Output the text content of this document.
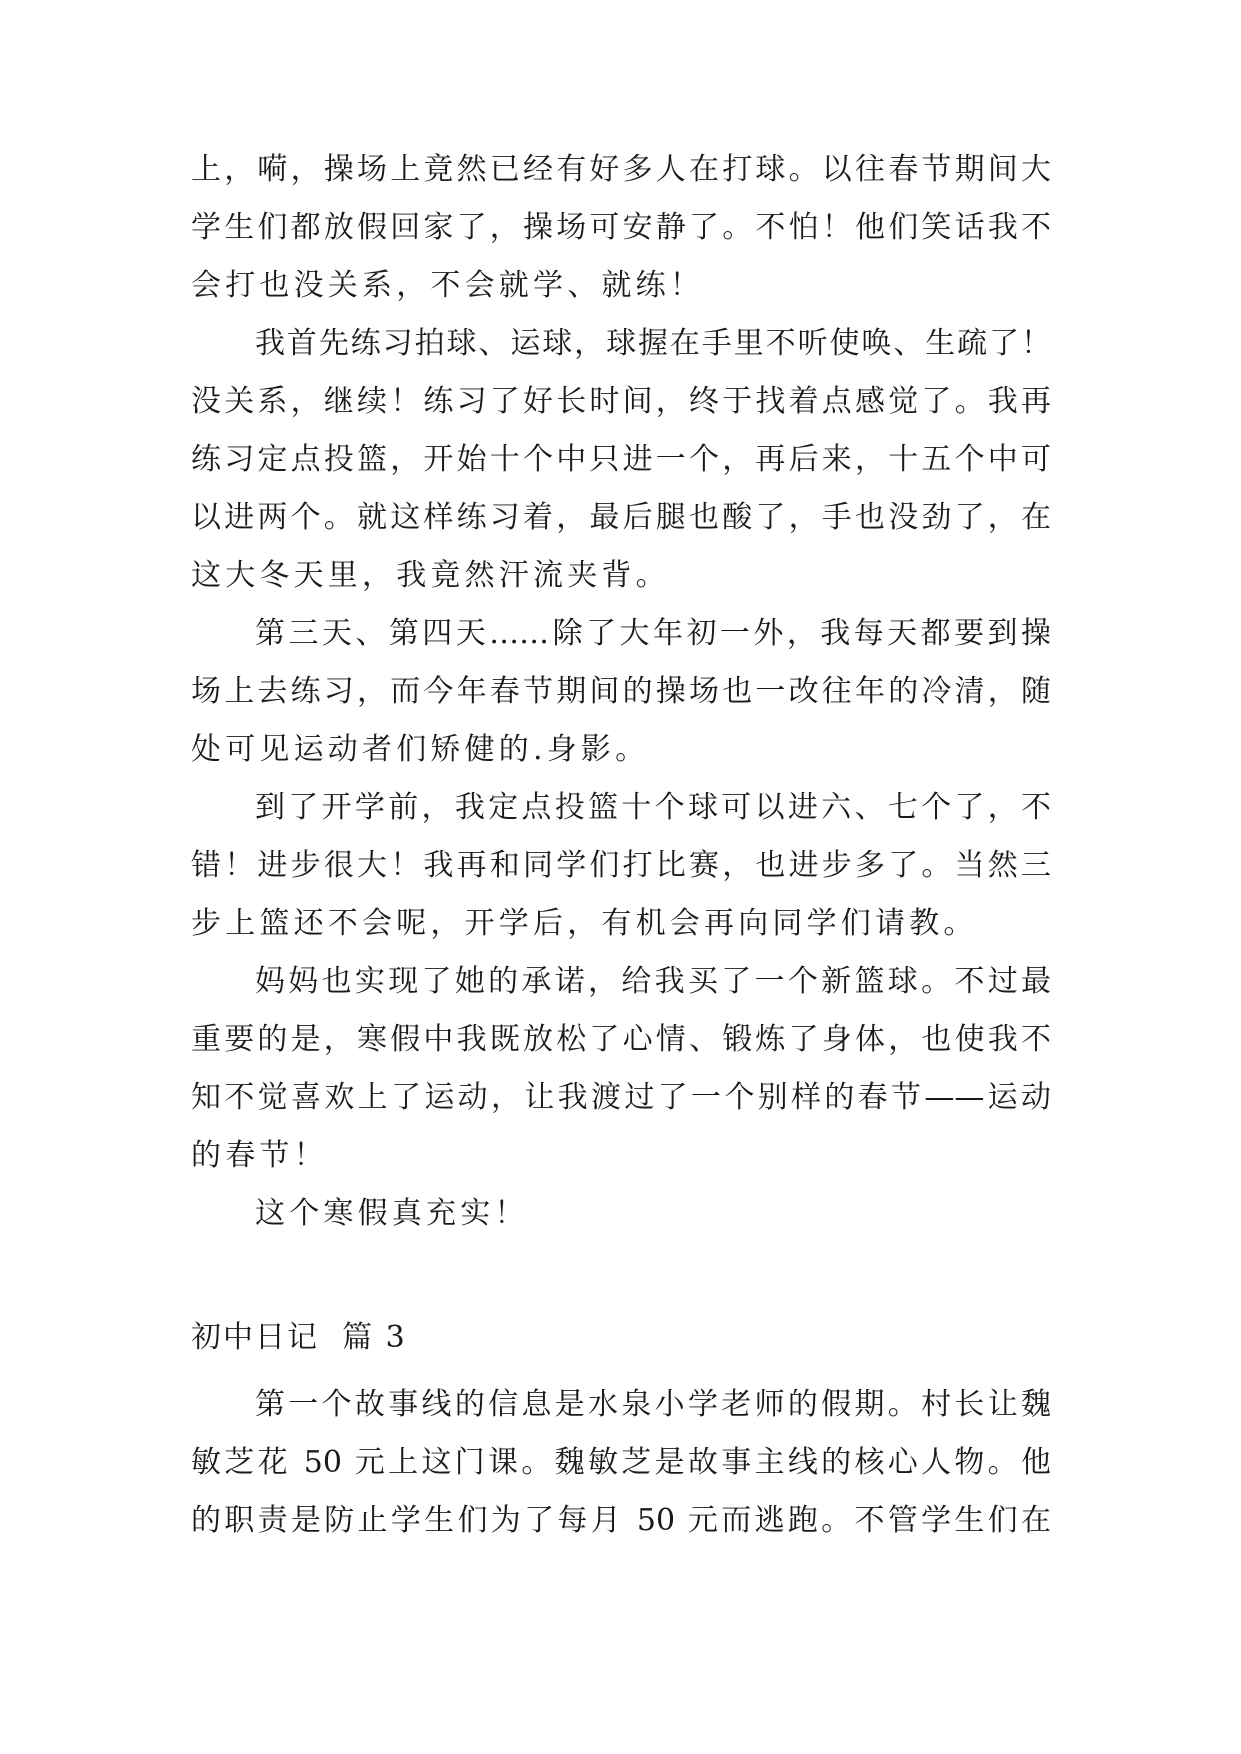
上，嗬，操场上竟然已经有好多人在打球。以往春节期间大
学生们都放假回家了，操场可安静了。不怕！他们笑话我不
会打也没关系，不会就学、就练！
我首先练习拍球、运球，球握在手里不听使唤、生疏了！
没关系，继续！练习了好长时间，终于找着点感觉了。我再
练习定点投篮，开始十个中只进一个，再后来，十五个中可
以进两个。就这样练习着，最后腿也酸了，手也没劲了，在
这大冬天里，我竟然汗流夹背。
第三天、第四天……除了大年初一外，我每天都要到操
场上去练习，而今年春节期间的操场也一改往年的冷清，随
处可见运动者们矫健的.身影。
到了开学前，我定点投篮十个球可以进六、七个了，不
错！进步很大！我再和同学们打比赛，也进步多了。当然三
步上篮还不会呢，开学后，有机会再向同学们请教。
妈妈也实现了她的承诺，给我买了一个新篮球。不过最
重要的是，寒假中我既放松了心情、锻炼了身体，也使我不
知不觉喜欢上了运动，让我渡过了一个别样的春节——运动
的春节！
这个寒假真充实！
初中日记  篇 3
第一个故事线的信息是水泉小学老师的假期。村长让魏
敏芝花 50 元上这门课。魏敏芝是故事主线的核心人物。他
的职责是防止学生们为了每月 50 元而逃跑。不管学生们在
